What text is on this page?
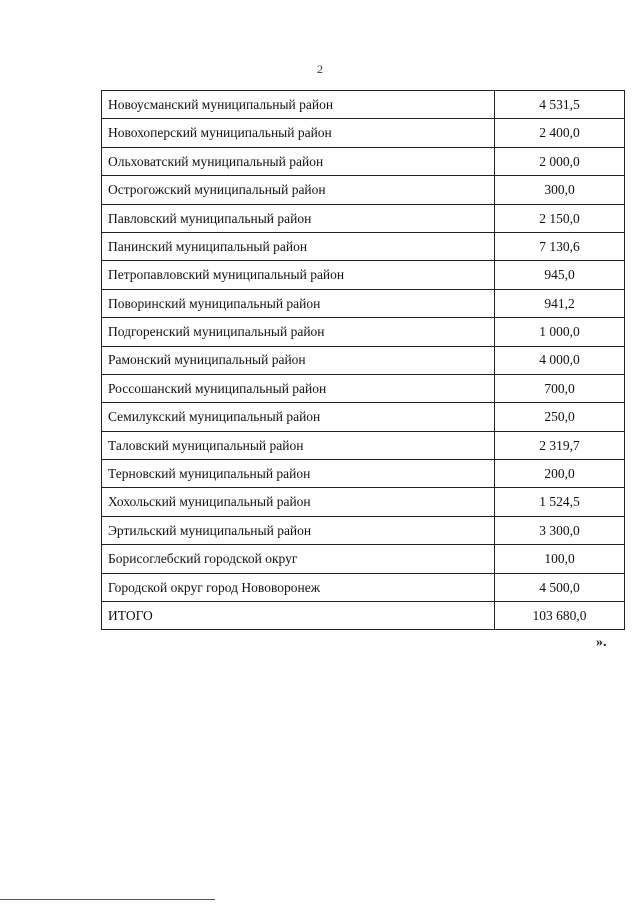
2
Новоусманский муниципальный район	4 531,5
Новохоперский муниципальный район	2 400,0
Ольховатский муниципальный район	2 000,0
Острогожский муниципальный район	300,0
Павловский муниципальный район	2 150,0
Панинский муниципальный район	7 130,6
Петропавловский муниципальный район	945,0
Поворинский муниципальный район	941,2
Подгоренский муниципальный район	1 000,0
Рамонский муниципальный район	4 000,0
Россошанский муниципальный район	700,0
Семилукский муниципальный район	250,0
Таловский муниципальный район	2 319,7
Терновский муниципальный район	200,0
Хохольский муниципальный район	1 524,5
Эртильский муниципальный район	3 300,0
Борисоглебский городской округ	100,0
Городской округ город Нововоронеж	4 500,0
ИТОГО	103 680,0
».
